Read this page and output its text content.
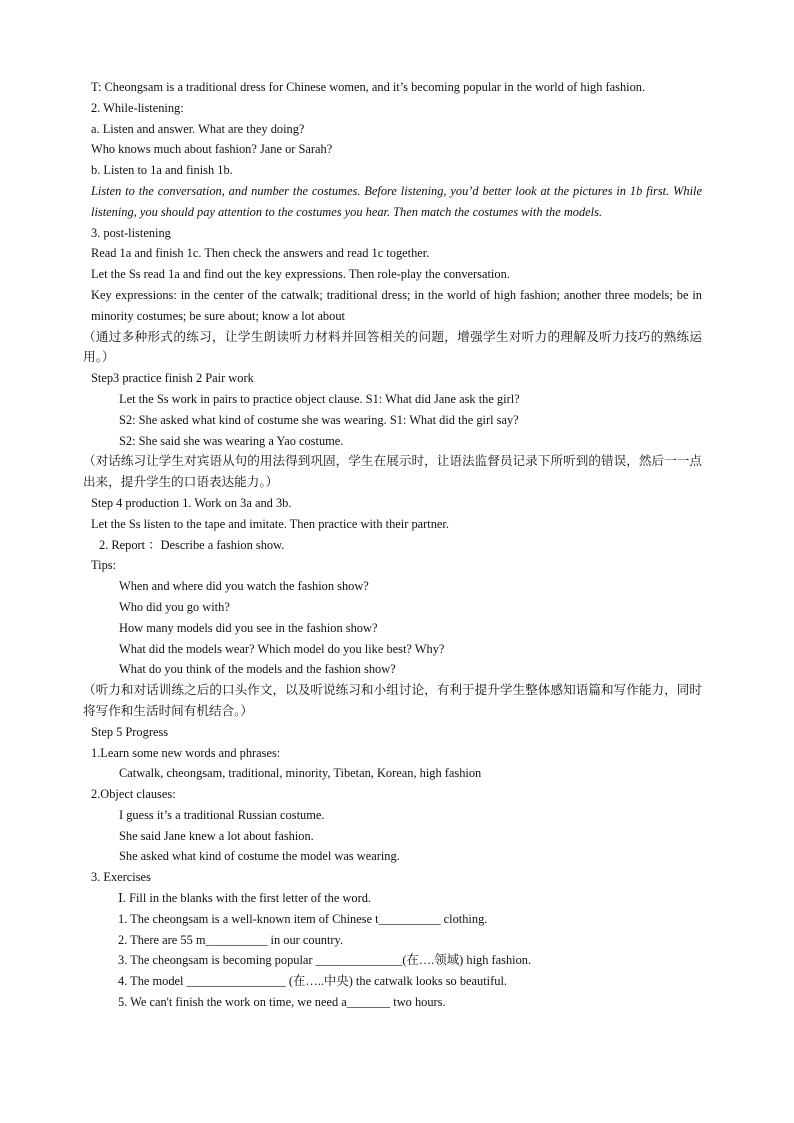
T: Cheongsam is a traditional dress for Chinese women, and it’s becoming popular in the world of high fashion.
2. While-listening:
a. Listen and answer. What are they doing?
Who knows much about fashion? Jane or Sarah?
b. Listen to 1a and finish 1b.
Listen to the conversation, and number the costumes. Before listening, you’d better look at the pictures in 1b first. While listening, you should pay attention to the costumes you hear. Then match the costumes with the models.
3. post-listening
Read 1a and finish 1c. Then check the answers and read 1c together.
Let the Ss read 1a and find out the key expressions. Then role-play the conversation.
Key expressions: in the center of the catwalk; traditional dress; in the world of high fashion; another three models; be in minority costumes; be sure about; know a lot about
（通过多种形式的练习，让学生朗读听力材料并回答相关的问题，增强学生对听力的理解及听力技巧的熟练运用。）
Step3 practice finish 2 Pair work
Let the Ss work in pairs to practice object clause. S1: What did Jane ask the girl?
S2: She asked what kind of costume she was wearing. S1: What did the girl say?
S2: She said she was wearing a Yao costume.
（对话练习让学生对宾语从句的用法得到巩固，学生在展示时，让语法监督员记录下所听到的错误，然后一一点出来，提升学生的口语表达能力。）
Step 4 production 1. Work on 3a and 3b.
Let the Ss listen to the tape and imitate. Then practice with their partner.
2. Report ：Describe a fashion show.
Tips:
When and where did you watch the fashion show?
Who did you go with?
How many models did you see in the fashion show?
What did the models wear? Which model do you like best? Why?
What do you think of the models and the fashion show?
（听力和对话训练之后的口头作文，以及听说练习和小组讨论，有利于提升学生整体感知语篇和写作能力，同时将写作和生活时间有机结合。）
Step 5 Progress
1.Learn some new words and phrases:
Catwalk, cheongsam, traditional, minority, Tibetan, Korean, high fashion
2.Object clauses:
I guess it’s a traditional Russian costume.
She said Jane knew a lot about fashion.
She asked what kind of costume the model was wearing.
3. Exercises
Ⅰ. Fill in the blanks with the first letter of the word.
1. The cheongsam is a well-known item of Chinese t__________ clothing.
2. There are 55 m__________ in our country.
3. The cheongsam is becoming popular ______________(在….领域) high fashion.
4. The model ________________ (在…..中央) the catwalk looks so beautiful.
5. We can't finish the work on time, we need a_______ two hours.
